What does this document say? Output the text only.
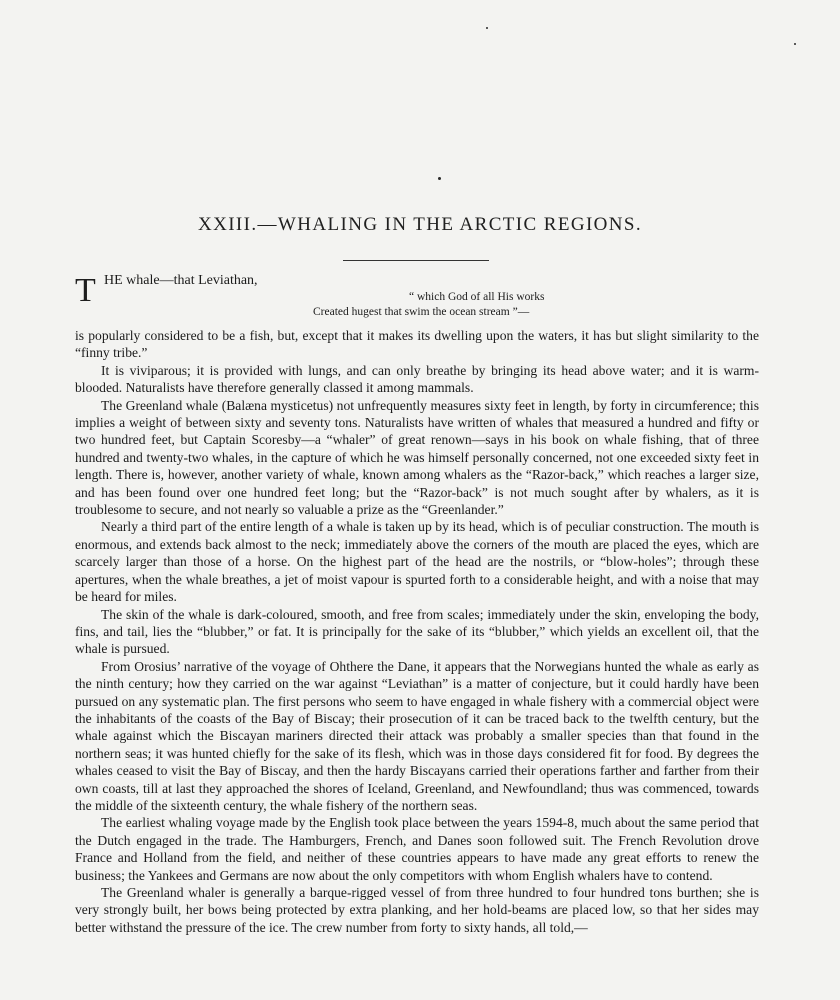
XXIII.—WHALING IN THE ARCTIC REGIONS.
T HE whale—that Leviathan,
“ which God of all His works
Created hugest that swim the ocean stream ”—

is popularly considered to be a fish, but, except that it makes its dwelling upon the waters, it has but slight similarity to the “finny tribe.”

It is viviparous; it is provided with lungs, and can only breathe by bringing its head above water; and it is warm-blooded. Naturalists have therefore generally classed it among mammals.

The Greenland whale (Balæna mysticetus) not unfrequently measures sixty feet in length, by forty in circumference; this implies a weight of between sixty and seventy tons. Naturalists have written of whales that measured a hundred and fifty or two hundred feet, but Captain Scoresby—a “whaler” of great renown—says in his book on whale fishing, that of three hundred and twenty-two whales, in the capture of which he was himself personally concerned, not one exceeded sixty feet in length. There is, however, another variety of whale, known among whalers as the “Razor-back,” which reaches a larger size, and has been found over one hundred feet long; but the “Razor-back” is not much sought after by whalers, as it is troublesome to secure, and not nearly so valuable a prize as the “Greenlander.”

Nearly a third part of the entire length of a whale is taken up by its head, which is of peculiar construction. The mouth is enormous, and extends back almost to the neck; immediately above the corners of the mouth are placed the eyes, which are scarcely larger than those of a horse. On the highest part of the head are the nostrils, or “blow-holes”; through these apertures, when the whale breathes, a jet of moist vapour is spurted forth to a considerable height, and with a noise that may be heard for miles.

The skin of the whale is dark-coloured, smooth, and free from scales; immediately under the skin, enveloping the body, fins, and tail, lies the “blubber,” or fat. It is principally for the sake of its “blubber,” which yields an excellent oil, that the whale is pursued.

From Orosius’ narrative of the voyage of Ohthere the Dane, it appears that the Norwegians hunted the whale as early as the ninth century; how they carried on the war against “Leviathan” is a matter of conjecture, but it could hardly have been pursued on any systematic plan. The first persons who seem to have engaged in whale fishery with a commercial object were the inhabitants of the coasts of the Bay of Biscay; their prosecution of it can be traced back to the twelfth century, but the whale against which the Biscayan mariners directed their attack was probably a smaller species than that found in the northern seas; it was hunted chiefly for the sake of its flesh, which was in those days considered fit for food. By degrees the whales ceased to visit the Bay of Biscay, and then the hardy Biscayans carried their operations farther and farther from their own coasts, till at last they approached the shores of Iceland, Greenland, and Newfoundland; thus was commenced, towards the middle of the sixteenth century, the whale fishery of the northern seas.

The earliest whaling voyage made by the English took place between the years 1594-8, much about the same period that the Dutch engaged in the trade. The Hamburgers, French, and Danes soon followed suit. The French Revolution drove France and Holland from the field, and neither of these countries appears to have made any great efforts to renew the business; the Yankees and Germans are now about the only competitors with whom English whalers have to contend.

The Greenland whaler is generally a barque-rigged vessel of from three hundred to four hundred tons burthen; she is very strongly built, her bows being protected by extra planking, and her hold-beams are placed low, so that her sides may better withstand the pressure of the ice. The crew number from forty to sixty hands, all told,—
